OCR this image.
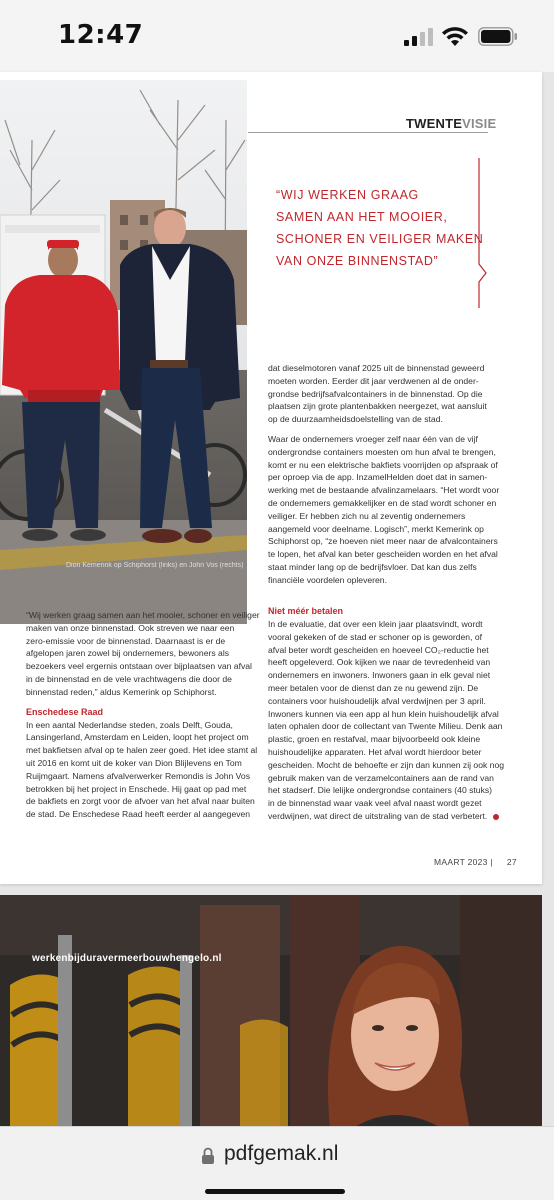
12:47
Dion Kemerink op Schiphorst (links) en John Vos (rechts)
TWENTEVISIE
“WIJ WERKEN GRAAG
SAMEN AAN HET MOOIER,
SCHONER EN VEILIGER MAKEN
VAN ONZE BINNENSTAD”

dat dieselmotoren vanaf 2025 uit de binnenstad geweerd
moeten worden. Eerder dit jaar verdwenen al de onder-
grondse bedrijfsafvalcontainers in de binnenstad. Op die
plaatsen zijn grote plantenbakken neergezet, wat aansluit
op de duurzaamheidsdoelstelling van de stad.

Waar de ondernemers vroeger zelf naar één van de vijf
ondergrondse containers moesten om hun afval te brengen,
komt er nu een elektrische bakfiets voorrijden op afspraak of
per oproep via de app. InzamelHelden doet dat in samen-
werking met de bestaande afvalinzamelaars. “Het wordt voor
de ondernemers gemakkelijker en de stad wordt schoner en
veiliger. Er hebben zich nu al zeventig ondernemers
aangemeld voor deelname. Logisch”, merkt Kemerink op
Schiphorst op, “ze hoeven niet meer naar de afvalcontainers
te lopen, het afval kan beter gescheiden worden en het afval
staat minder lang op de bedrijfsvloer. Dat kan dus zelfs
financiële voordelen opleveren.

“Wij werken graag samen aan het mooier, schoner en veiliger
maken van onze binnenstad. Ook streven we naar een
zero-emissie voor de binnenstad. Daarnaast is er de
afgelopen jaren zowel bij ondernemers, bewoners als
bezoekers veel ergernis ontstaan over bijplaatsen van afval
in de binnenstad en de vele vrachtwagens die door de
binnenstad reden,” aldus Kemerink op Schiphorst.

Enschedese Raad

In een aantal Nederlandse steden, zoals Delft, Gouda,
Lansingerland, Amsterdam en Leiden, loopt het project om
met bakfietsen afval op te halen zeer goed. Het idee stamt al
uit 2016 en komt uit de koker van Dion Blijlevens en Tom
Ruijmgaart. Namens afvalverwerker Remondis is John Vos
betrokken bij het project in Enschede. Hij gaat op pad met
de bakfiets en zorgt voor de afvoer van het afval naar buiten
de stad. De Enschedese Raad heeft eerder al aangegeven

Niet méér betalen

In de evaluatie, dat over een klein jaar plaatsvindt, wordt
vooral gekeken of de stad er schoner op is geworden, of
afval beter wordt gescheiden en hoeveel CO₂-reductie het
heeft opgeleverd. Ook kijken we naar de tevredenheid van
ondernemers en inwoners. Inwoners gaan in elk geval niet
meer betalen voor de dienst dan ze nu gewend zijn. De
containers voor huishoudelijk afval verdwijnen per 3 april.
Inwoners kunnen via een app al hun klein huishoudelijk afval
laten ophalen door de collectant van Twente Milieu. Denk aan
plastic, groen en restafval, maar bijvoorbeeld ook kleine
huishoudelijke apparaten. Het afval wordt hierdoor beter
gescheiden. Mocht de behoefte er zijn dan kunnen zij ook nog
gebruik maken van de verzamelcontainers aan de rand van
het stadserf. Die lelijke ondergrondse containers (40 stuks)
in de binnenstad waar vaak veel afval naast wordt gezet
verdwijnen, wat direct de uitstraling van de stad verbetert.

MAART 2023 | 27
werkenbijduravermeerbouwhengelo.nl
pdfgemak.nl
